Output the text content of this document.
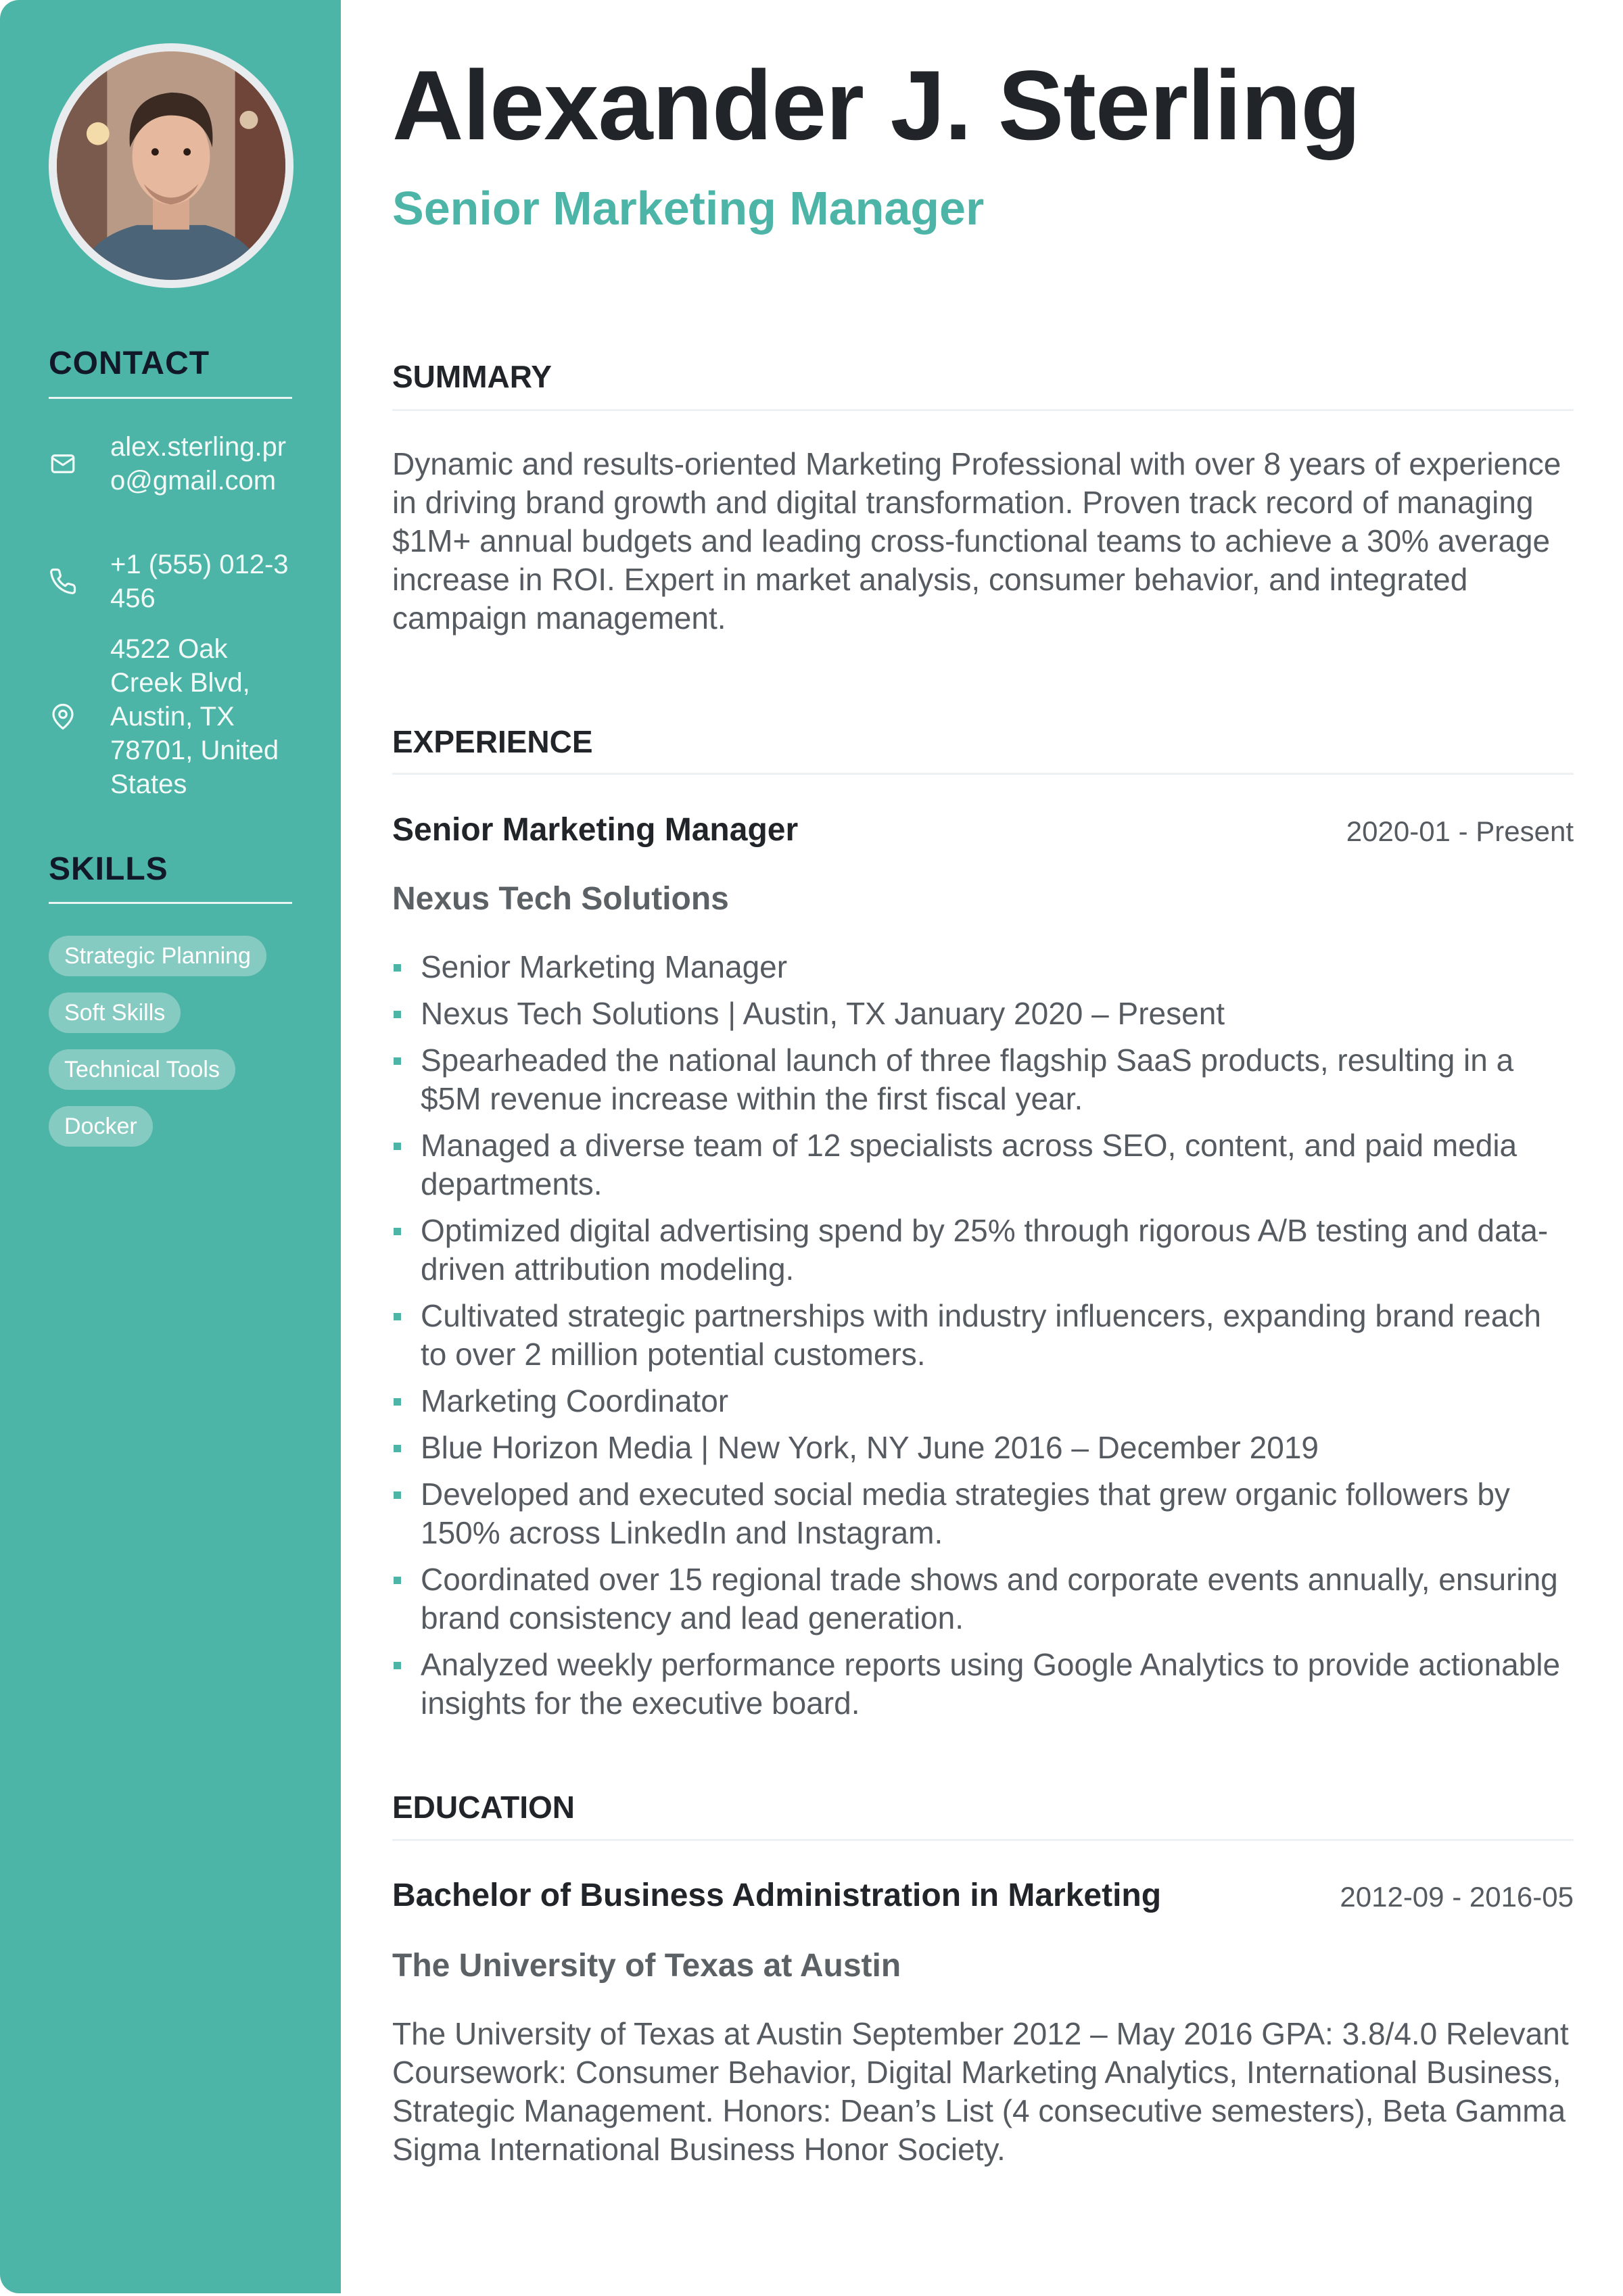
CONTACT
alex.sterling.pro@gmail.com
+1 (555) 012-3456
4522 Oak Creek Blvd, Austin, TX 78701, United States
SKILLS
Strategic Planning
Soft Skills
Technical Tools
Docker
Alexander J. Sterling
Senior Marketing Manager
SUMMARY

Dynamic and results-oriented Marketing Professional with over 8 years of experience in driving brand growth and digital transformation. Proven track record of managing $1M+ annual budgets and leading cross-functional teams to achieve a 30% average increase in ROI. Expert in market analysis, consumer behavior, and integrated campaign management.

EXPERIENCE
Senior Marketing Manager	2020-01 - Present
Nexus Tech Solutions
Senior Marketing Manager
Nexus Tech Solutions | Austin, TX January 2020 – Present
Spearheaded the national launch of three flagship SaaS products, resulting in a $5M revenue increase within the first fiscal year.
Managed a diverse team of 12 specialists across SEO, content, and paid media departments.
Optimized digital advertising spend by 25% through rigorous A/B testing and data-driven attribution modeling.
Cultivated strategic partnerships with industry influencers, expanding brand reach to over 2 million potential customers.
Marketing Coordinator
Blue Horizon Media | New York, NY June 2016 – December 2019
Developed and executed social media strategies that grew organic followers by 150% across LinkedIn and Instagram.
Coordinated over 15 regional trade shows and corporate events annually, ensuring brand consistency and lead generation.
Analyzed weekly performance reports using Google Analytics to provide actionable insights for the executive board.
EDUCATION
Bachelor of Business Administration in Marketing	2012-09 - 2016-05
The University of Texas at Austin

The University of Texas at Austin September 2012 – May 2016 GPA: 3.8/4.0 Relevant Coursework: Consumer Behavior, Digital Marketing Analytics, International Business, Strategic Management. Honors: Dean’s List (4 consecutive semesters), Beta Gamma Sigma International Business Honor Society.
